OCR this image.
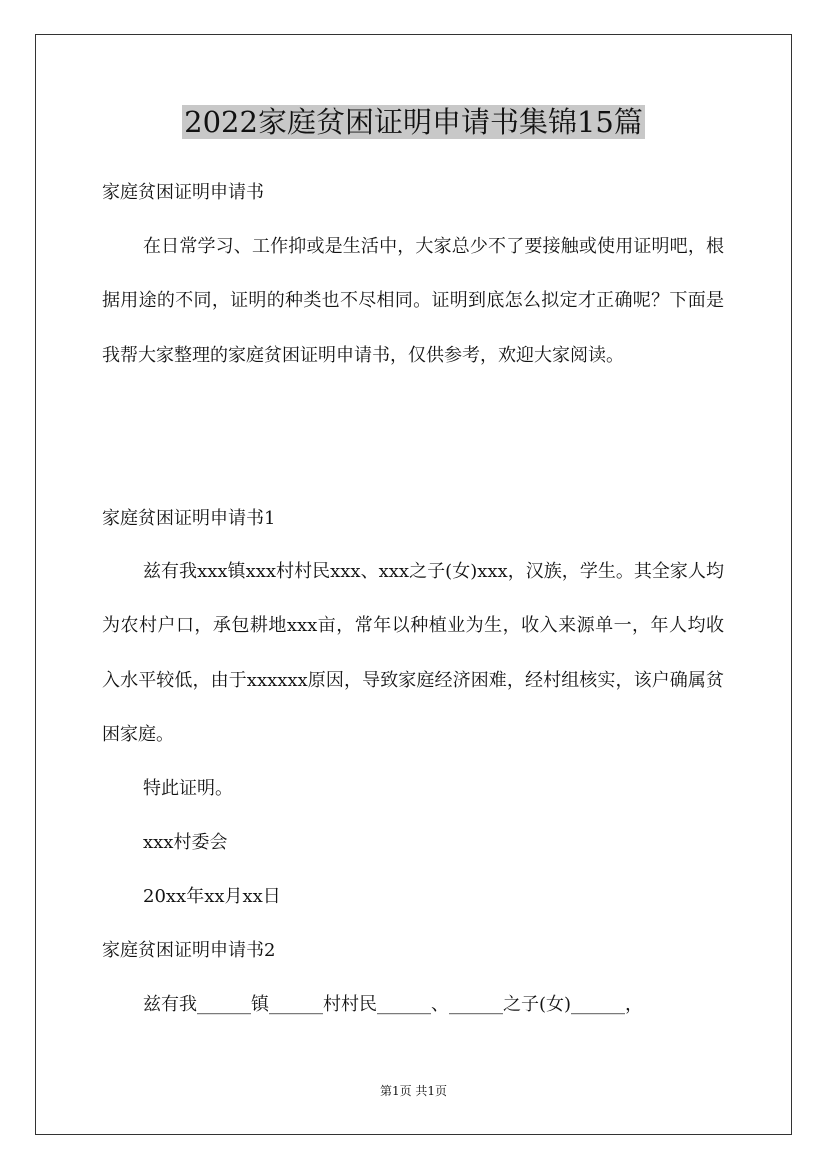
2022家庭贫困证明申请书集锦15篇

家庭贫困证明申请书

在日常学习、工作抑或是生活中，大家总少不了要接触或使用证明吧，根据用途的不同，证明的种类也不尽相同。证明到底怎么拟定才正确呢？下面是我帮大家整理的家庭贫困证明申请书，仅供参考，欢迎大家阅读。

家庭贫困证明申请书1

兹有我xxx镇xxx村村民xxx、xxx之子(女)xxx，汉族，学生。其全家人均为农村户口，承包耕地xxx亩，常年以种植业为生，收入来源单一，年人均收入水平较低，由于xxxxxx原因，导致家庭经济困难，经村组核实，该户确属贫困家庭。

特此证明。

xxx村委会

20xx年xx月xx日

家庭贫困证明申请书2

兹有我______镇______村村民______、______之子(女)______，

第1页 共1页
